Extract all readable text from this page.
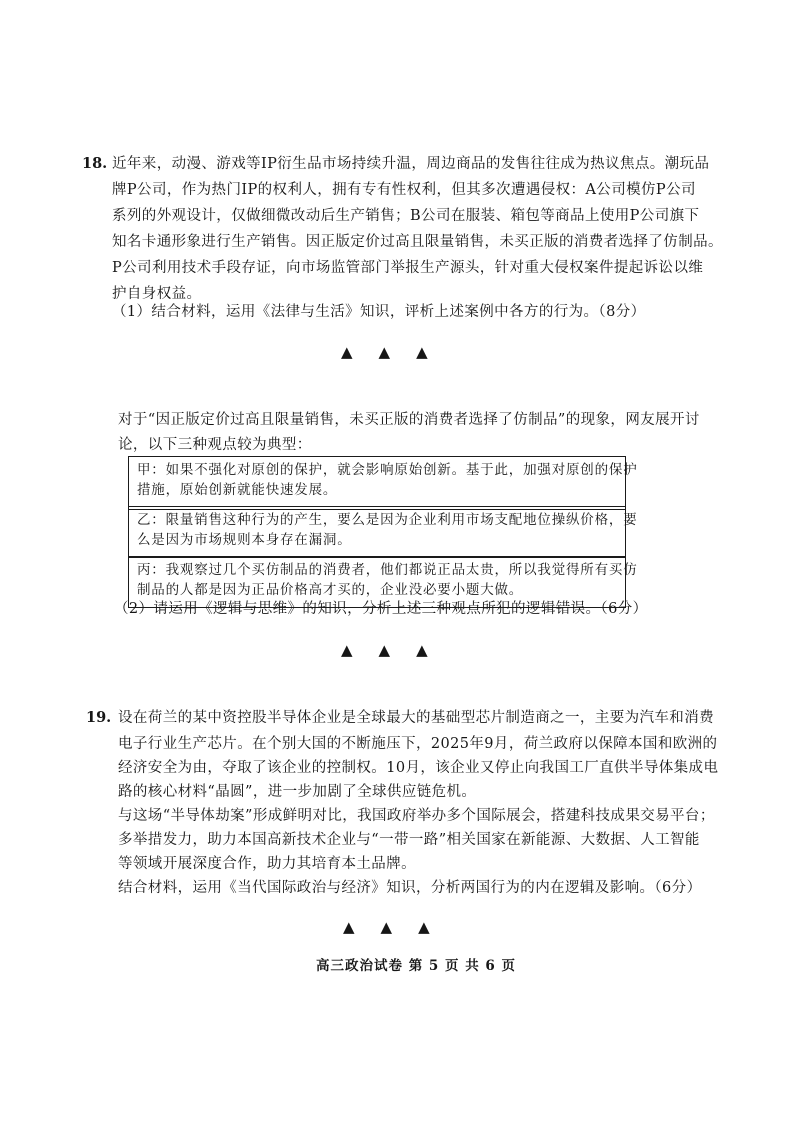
18. 近年来，动漫、游戏等IP衍生品市场持续升温，周边商品的发售往往成为热议焦点。潮玩品
牌P公司，作为热门IP的权利人，拥有专有性权利，但其多次遭遇侵权：A公司模仿P公司
系列的外观设计，仅做细微改动后生产销售；B公司在服装、箱包等商品上使用P公司旗下
知名卡通形象进行生产销售。因正版定价过高且限量销售，未买正版的消费者选择了仿制品。
P公司利用技术手段存证，向市场监管部门举报生产源头，针对重大侵权案件提起诉讼以维
护自身权益。
（1）结合材料，运用《法律与生活》知识，评析上述案例中各方的行为。（8分）
▲ ▲ ▲
对于“因正版定价过高且限量销售，未买正版的消费者选择了仿制品”的现象，网友展开讨
论，以下三种观点较为典型：
甲：如果不强化对原创的保护，就会影响原始创新。基于此，加强对原创的保护
措施，原始创新就能快速发展。
乙：限量销售这种行为的产生，要么是因为企业利用市场支配地位操纵价格，要
么是因为市场规则本身存在漏洞。
丙：我观察过几个买仿制品的消费者，他们都说正品太贵，所以我觉得所有买仿
制品的人都是因为正品价格高才买的，企业没必要小题大做。
（2）请运用《逻辑与思维》的知识，分析上述三种观点所犯的逻辑错误。（6分）
▲ ▲ ▲
19. 设在荷兰的某中资控股半导体企业是全球最大的基础型芯片制造商之一，主要为汽车和消费
电子行业生产芯片。在个别大国的不断施压下，2025年9月，荷兰政府以保障本国和欧洲的
经济安全为由，夺取了该企业的控制权。10月，该企业又停止向我国工厂直供半导体集成电
路的核心材料“晶圆”，进一步加剧了全球供应链危机。
与这场“半导体劫案”形成鲜明对比，我国政府举办多个国际展会，搭建科技成果交易平台；
多举措发力，助力本国高新技术企业与“一带一路”相关国家在新能源、大数据、人工智能
等领域开展深度合作，助力其培育本土品牌。
结合材料，运用《当代国际政治与经济》知识，分析两国行为的内在逻辑及影响。（6分）
▲ ▲ ▲
高三政治试卷 第 5 页 共 6 页
